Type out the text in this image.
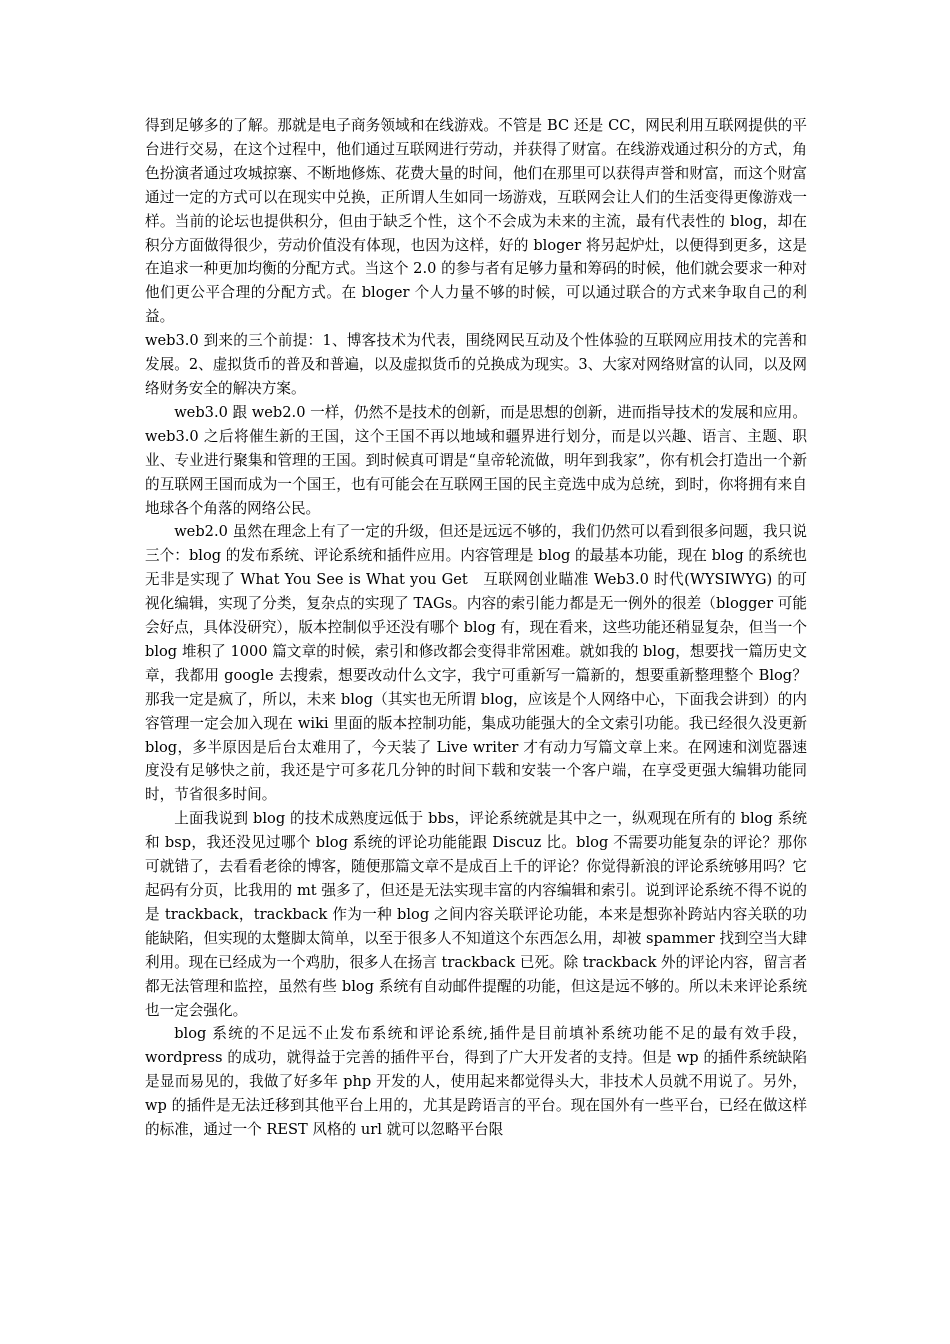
得到足够多的了解。那就是电子商务领域和在线游戏。不管是 BC 还是 CC，网民利用互联网提供的平台进行交易，在这个过程中，他们通过互联网进行劳动，并获得了财富。在线游戏通过积分的方式，角色扮演者通过攻城掠寨、不断地修炼、花费大量的时间，他们在那里可以获得声誉和财富，而这个财富通过一定的方式可以在现实中兑换，正所谓人生如同一场游戏，互联网会让人们的生活变得更像游戏一样。当前的论坛也提供积分，但由于缺乏个性，这个不会成为未来的主流，最有代表性的 blog，却在积分方面做得很少，劳动价值没有体现，也因为这样，好的 bloger 将另起炉灶，以便得到更多，这是在追求一种更加均衡的分配方式。当这个 2.0 的参与者有足够力量和筹码的时候，他们就会要求一种对他们更公平合理的分配方式。在 bloger 个人力量不够的时候，可以通过联合的方式来争取自己的利益。

web3.0 到来的三个前提：1、博客技术为代表，围绕网民互动及个性体验的互联网应用技术的完善和发展。2、虚拟货币的普及和普遍，以及虚拟货币的兑换成为现实。3、大家对网络财富的认同，以及网络财务安全的解决方案。

web3.0 跟 web2.0 一样，仍然不是技术的创新，而是思想的创新，进而指导技术的发展和应用。web3.0 之后将催生新的王国，这个王国不再以地域和疆界进行划分，而是以兴趣、语言、主题、职业、专业进行聚集和管理的王国。到时候真可谓是“皇帝轮流做，明年到我家”，你有机会打造出一个新的互联网王国而成为一个国王，也有可能会在互联网王国的民主竞选中成为总统，到时，你将拥有来自地球各个角落的网络公民。

web2.0 虽然在理念上有了一定的升级，但还是远远不够的，我们仍然可以看到很多问题，我只说三个：blog 的发布系统、评论系统和插件应用。内容管理是 blog 的最基本功能，现在 blog 的系统也无非是实现了 What You See is What you Get　互联网创业瞄准 Web3.0 时代(WYSIWYG) 的可视化编辑，实现了分类，复杂点的实现了 TAGs。内容的索引能力都是无一例外的很差（blogger 可能会好点，具体没研究），版本控制似乎还没有哪个 blog 有，现在看来，这些功能还稍显复杂，但当一个 blog 堆积了 1000 篇文章的时候，索引和修改都会变得非常困难。就如我的 blog，想要找一篇历史文章，我都用 google 去搜索，想要改动什么文字，我宁可重新写一篇新的，想要重新整理整个 Blog？那我一定是疯了，所以，未来 blog（其实也无所谓 blog，应该是个人网络中心，下面我会讲到）的内容管理一定会加入现在 wiki 里面的版本控制功能，集成功能强大的全文索引功能。我已经很久没更新 blog，多半原因是后台太难用了，今天装了 Live writer 才有动力写篇文章上来。在网速和浏览器速度没有足够快之前，我还是宁可多花几分钟的时间下载和安装一个客户端，在享受更强大编辑功能同时，节省很多时间。

上面我说到 blog 的技术成熟度远低于 bbs，评论系统就是其中之一，纵观现在所有的 blog 系统和 bsp，我还没见过哪个 blog 系统的评论功能能跟 Discuz 比。blog 不需要功能复杂的评论？那你可就错了，去看看老徐的博客，随便那篇文章不是成百上千的评论？你觉得新浪的评论系统够用吗？它起码有分页，比我用的 mt 强多了，但还是无法实现丰富的内容编辑和索引。说到评论系统不得不说的是 trackback，trackback 作为一种 blog 之间内容关联评论功能，本来是想弥补跨站内容关联的功能缺陷，但实现的太蹩脚太简单，以至于很多人不知道这个东西怎么用，却被 spammer 找到空当大肆利用。现在已经成为一个鸡肋，很多人在扬言 trackback 已死。除 trackback 外的评论内容，留言者都无法管理和监控，虽然有些 blog 系统有自动邮件提醒的功能，但这是远不够的。所以未来评论系统也一定会强化。

blog 系统的不足远不止发布系统和评论系统,插件是目前填补系统功能不足的最有效手段，wordpress 的成功，就得益于完善的插件平台，得到了广大开发者的支持。但是 wp 的插件系统缺陷是显而易见的，我做了好多年 php 开发的人，使用起来都觉得头大，非技术人员就不用说了。另外，wp 的插件是无法迁移到其他平台上用的，尤其是跨语言的平台。现在国外有一些平台，已经在做这样的标准，通过一个 REST 风格的 url 就可以忽略平台限
